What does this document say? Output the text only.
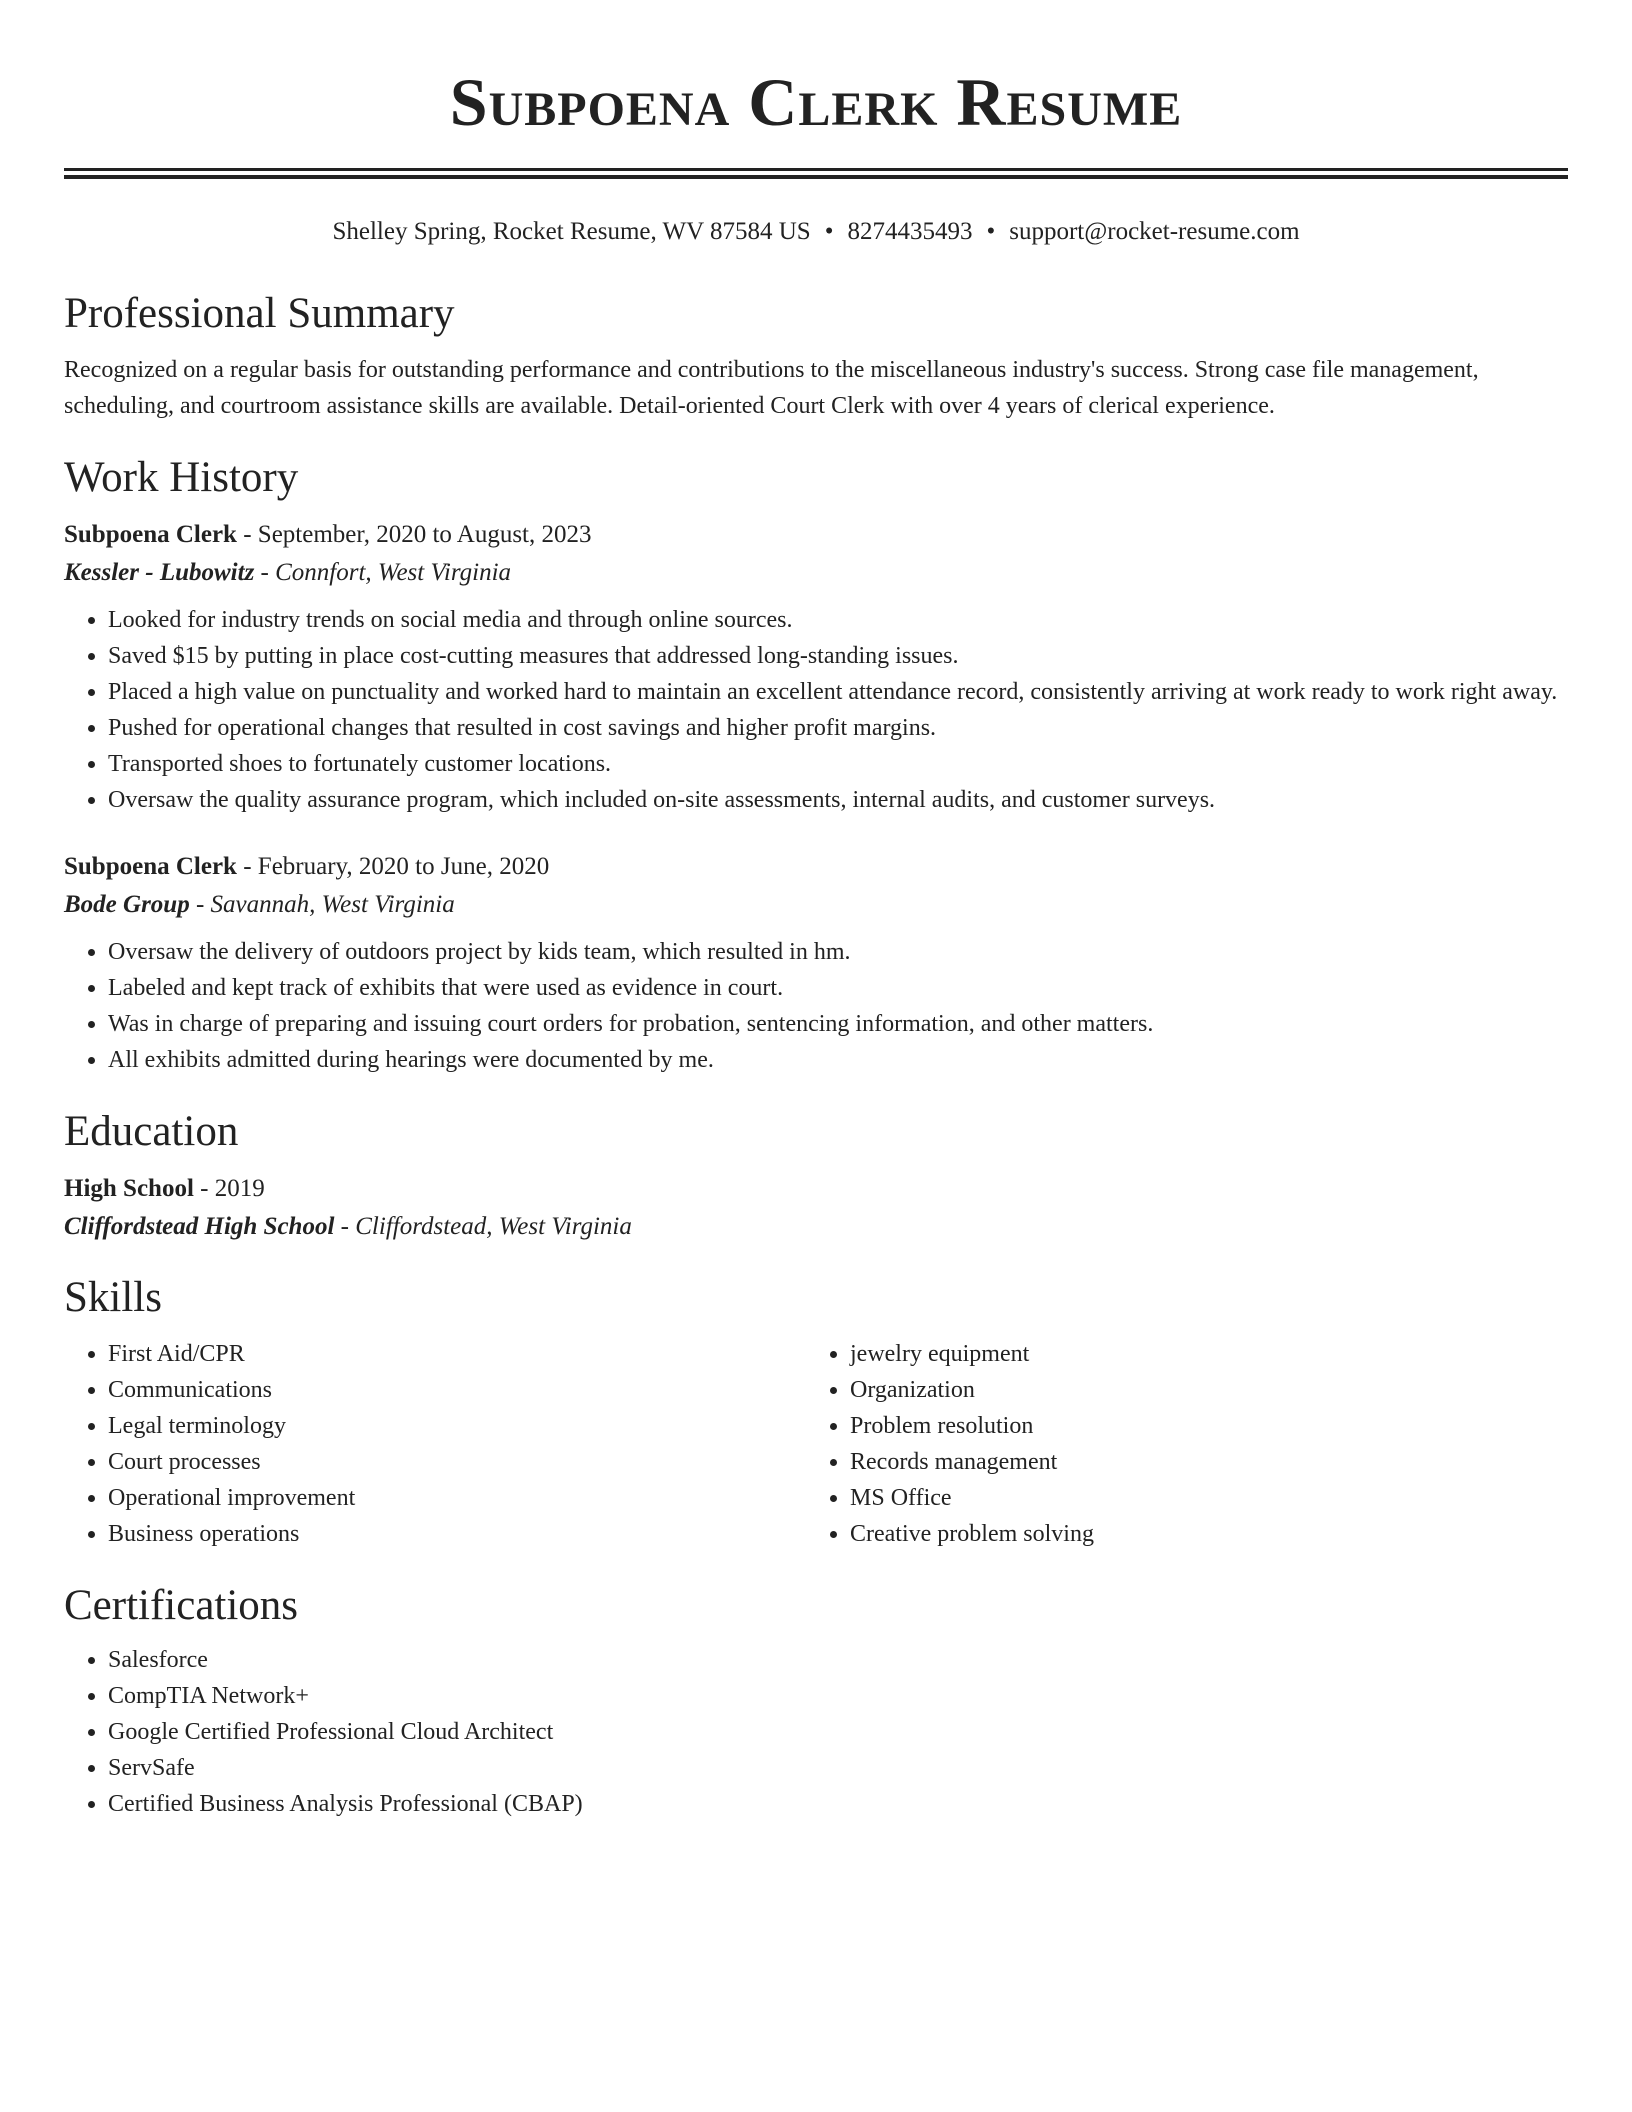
Subpoena Clerk Resume
Shelley Spring, Rocket Resume, WV 87584 US • 8274435493 • support@rocket-resume.com
Professional Summary

Recognized on a regular basis for outstanding performance and contributions to the miscellaneous industry's success. Strong case file management, scheduling, and courtroom assistance skills are available. Detail-oriented Court Clerk with over 4 years of clerical experience.

Work History
Subpoena Clerk - September, 2020 to August, 2023
Kessler - Lubowitz - Connfort, West Virginia
• Looked for industry trends on social media and through online sources.
• Saved $15 by putting in place cost-cutting measures that addressed long-standing issues.
• Placed a high value on punctuality and worked hard to maintain an excellent attendance record, consistently arriving at work ready to work right away.
• Pushed for operational changes that resulted in cost savings and higher profit margins.
• Transported shoes to fortunately customer locations.
• Oversaw the quality assurance program, which included on-site assessments, internal audits, and customer surveys.
Subpoena Clerk - February, 2020 to June, 2020
Bode Group - Savannah, West Virginia
• Oversaw the delivery of outdoors project by kids team, which resulted in hm.
• Labeled and kept track of exhibits that were used as evidence in court.
• Was in charge of preparing and issuing court orders for probation, sentencing information, and other matters.
• All exhibits admitted during hearings were documented by me.
Education
High School - 2019
Cliffordstead High School - Cliffordstead, West Virginia
Skills
• First Aid/CPR
• Communications
• Legal terminology
• Court processes
• Operational improvement
• Business operations
• jewelry equipment
• Organization
• Problem resolution
• Records management
• MS Office
• Creative problem solving
Certifications
• Salesforce
• CompTIA Network+
• Google Certified Professional Cloud Architect
• ServSafe
• Certified Business Analysis Professional (CBAP)
